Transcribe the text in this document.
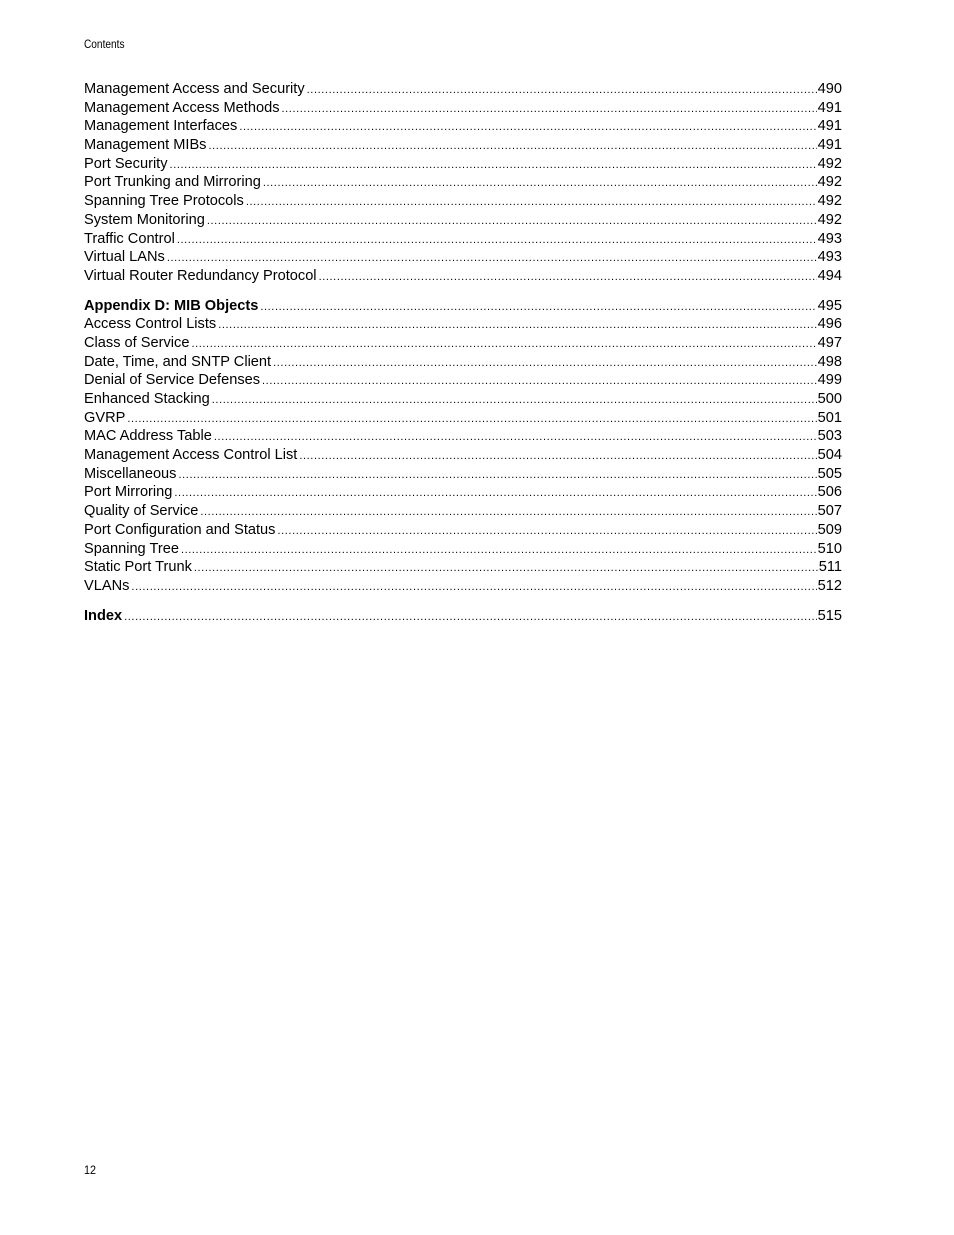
Contents
Management Access and Security .....	490
Management Access Methods .....	491
Management Interfaces .....	491
Management MIBs .....	491
Port Security .....	492
Port Trunking and Mirroring .....	492
Spanning Tree Protocols .....	492
System Monitoring .....	492
Traffic Control .....	493
Virtual LANs .....	493
Virtual Router Redundancy Protocol .....	494
Appendix D: MIB Objects .....	495
Access Control Lists .....	496
Class of Service .....	497
Date, Time, and SNTP Client .....	498
Denial of Service Defenses .....	499
Enhanced Stacking .....	500
GVRP .....	501
MAC Address Table .....	503
Management Access Control List .....	504
Miscellaneous .....	505
Port Mirroring .....	506
Quality of Service .....	507
Port Configuration and Status .....	509
Spanning Tree .....	510
Static Port Trunk .....	511
VLANs .....	512
Index .....	515
12
